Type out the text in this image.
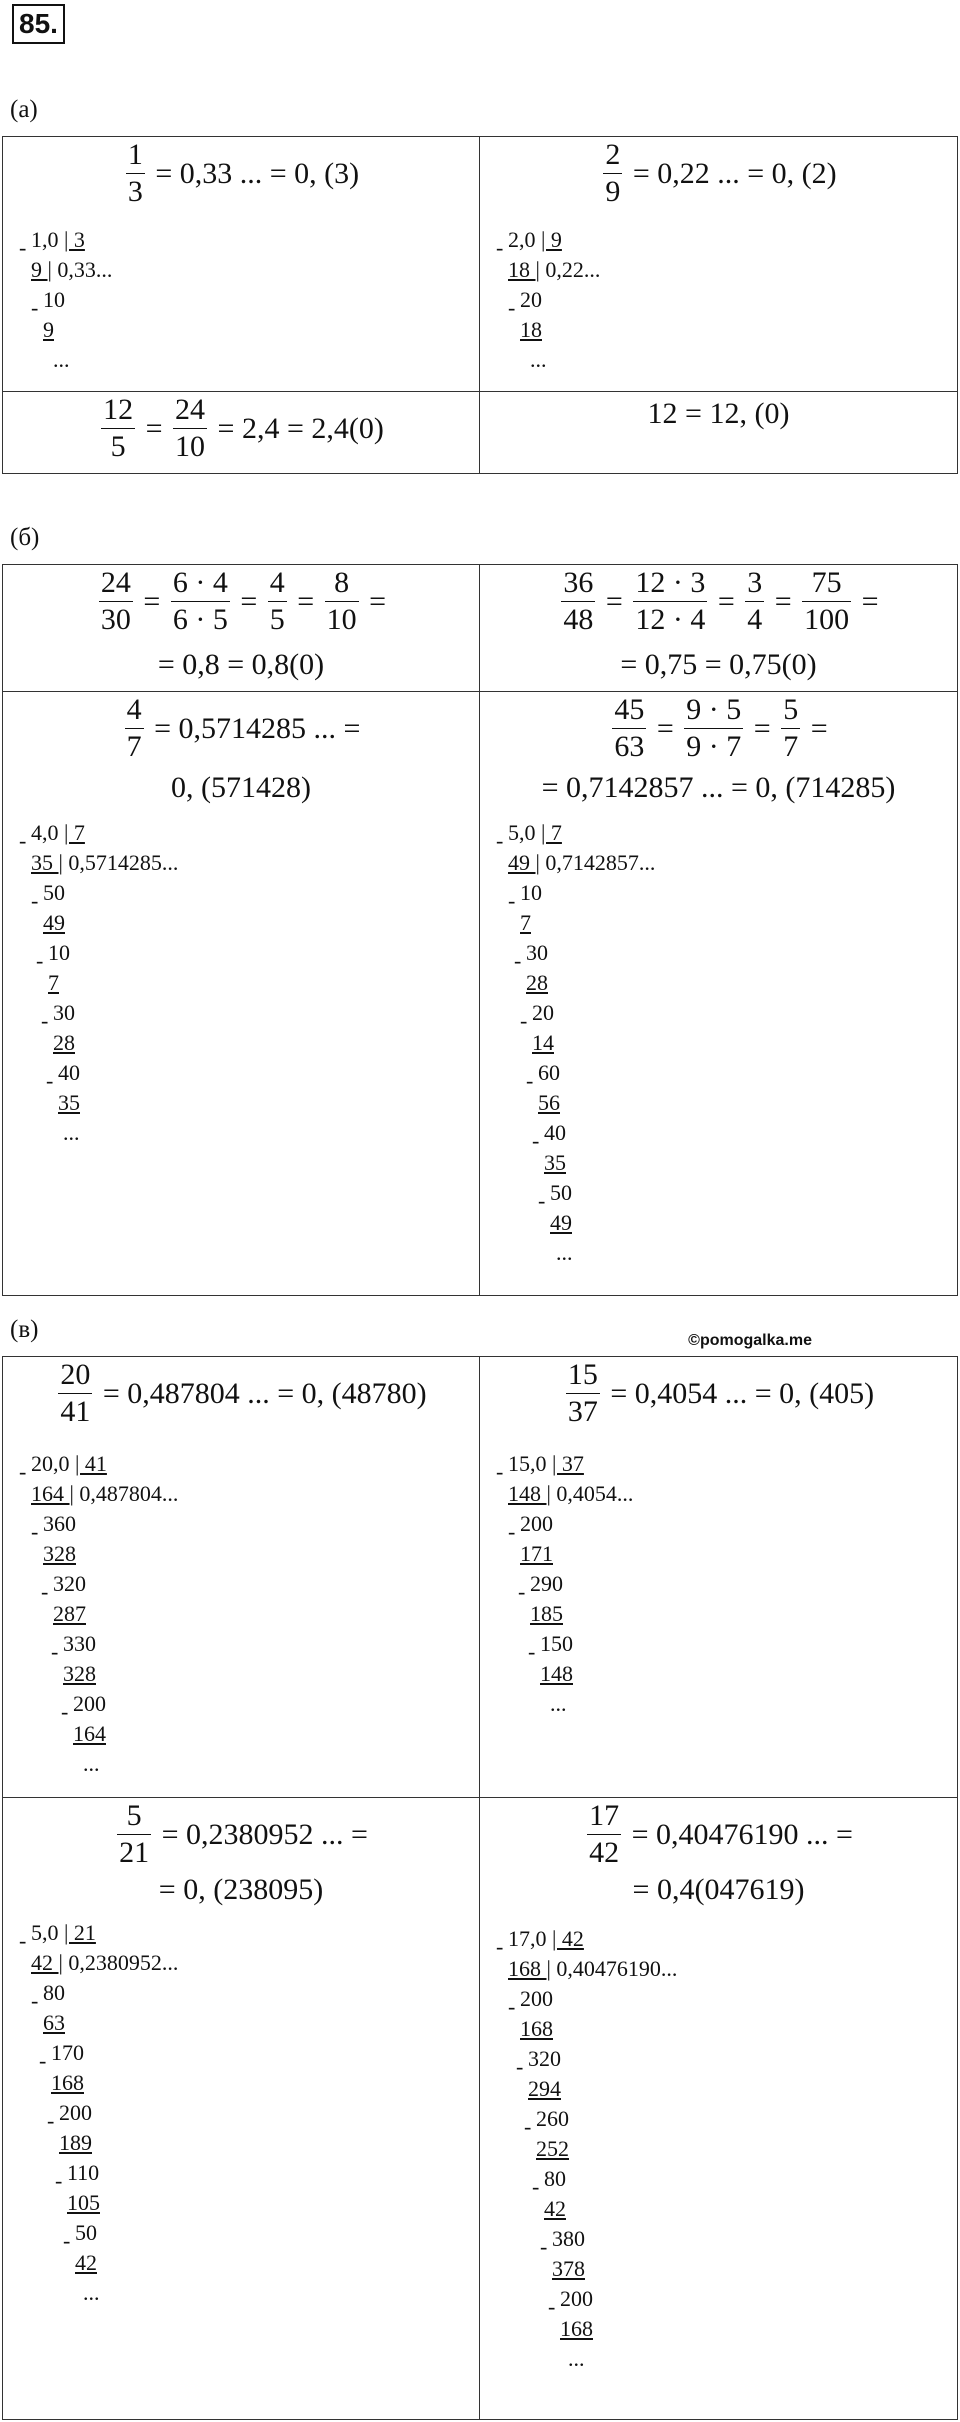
85.
©pomogalka.me
(а)
$\frac{1}{3} = 0,33$ ... = 0, (3)
1,0 | 3
-
9 | 0,33...
10
-
9
...
$\frac{2}{9} = 0,22$ ... = 0, (2)
2,0 | 9
-
18 | 0,22...
20
-
18
...
$\frac{12}{5} = \frac{24}{10} = 2,4 = 2,4(0)$	12 = 12, (0)
(б)
$\frac{24}{30} = \frac{6 \cdot 4}{6 \cdot 5} = \frac{4}{5} = \frac{8}{10}$ =
= 0,8 = 0,8(0)
$\frac{36}{48} = \frac{12 \cdot 3}{12 \cdot 4} = \frac{3}{4} = \frac{75}{100}$ =
= 0,75 = 0,75(0)
$\frac{4}{7} = 0,5714285$ ... =
0, (571428)
4,0 | 7
-
35 | 0,5714285...
50
-
49
10
-
7
30
-
28
40
-
35
...
$\frac{45}{63} = \frac{9 \cdot 5}{9 \cdot 7} = \frac{5}{7}$ =
= 0,7142857 ... = 0, (714285)
5,0 | 7
-
49 | 0,7142857...
10
-
7
30
-
28
20
-
14
60
-
56
40
-
35
50
-
49
...
(в)
$\frac{20}{41} = 0,487804$ ... = 0, (48780)
20,0 | 41
-
164 | 0,487804...
360
-
328
320
-
287
330
-
328
200
-
164
...
$\frac{15}{37} = 0,4054$ ... = 0, (405)
15,0 | 37
-
148 | 0,4054...
200
-
171
290
-
185
150
-
148
...
$\frac{5}{21} = 0,2380952$ ... =
= 0, (238095)
5,0 | 21
-
42 | 0,2380952...
80
-
63
170
-
168
200
-
189
110
-
105
50
-
42
...
$\frac{17}{42} = 0,40476190$ ... =
= 0,4(047619)
17,0 | 42
-
168 | 0,40476190...
200
-
168
320
-
294
260
-
252
80
-
42
380
-
378
200
-
168
...
